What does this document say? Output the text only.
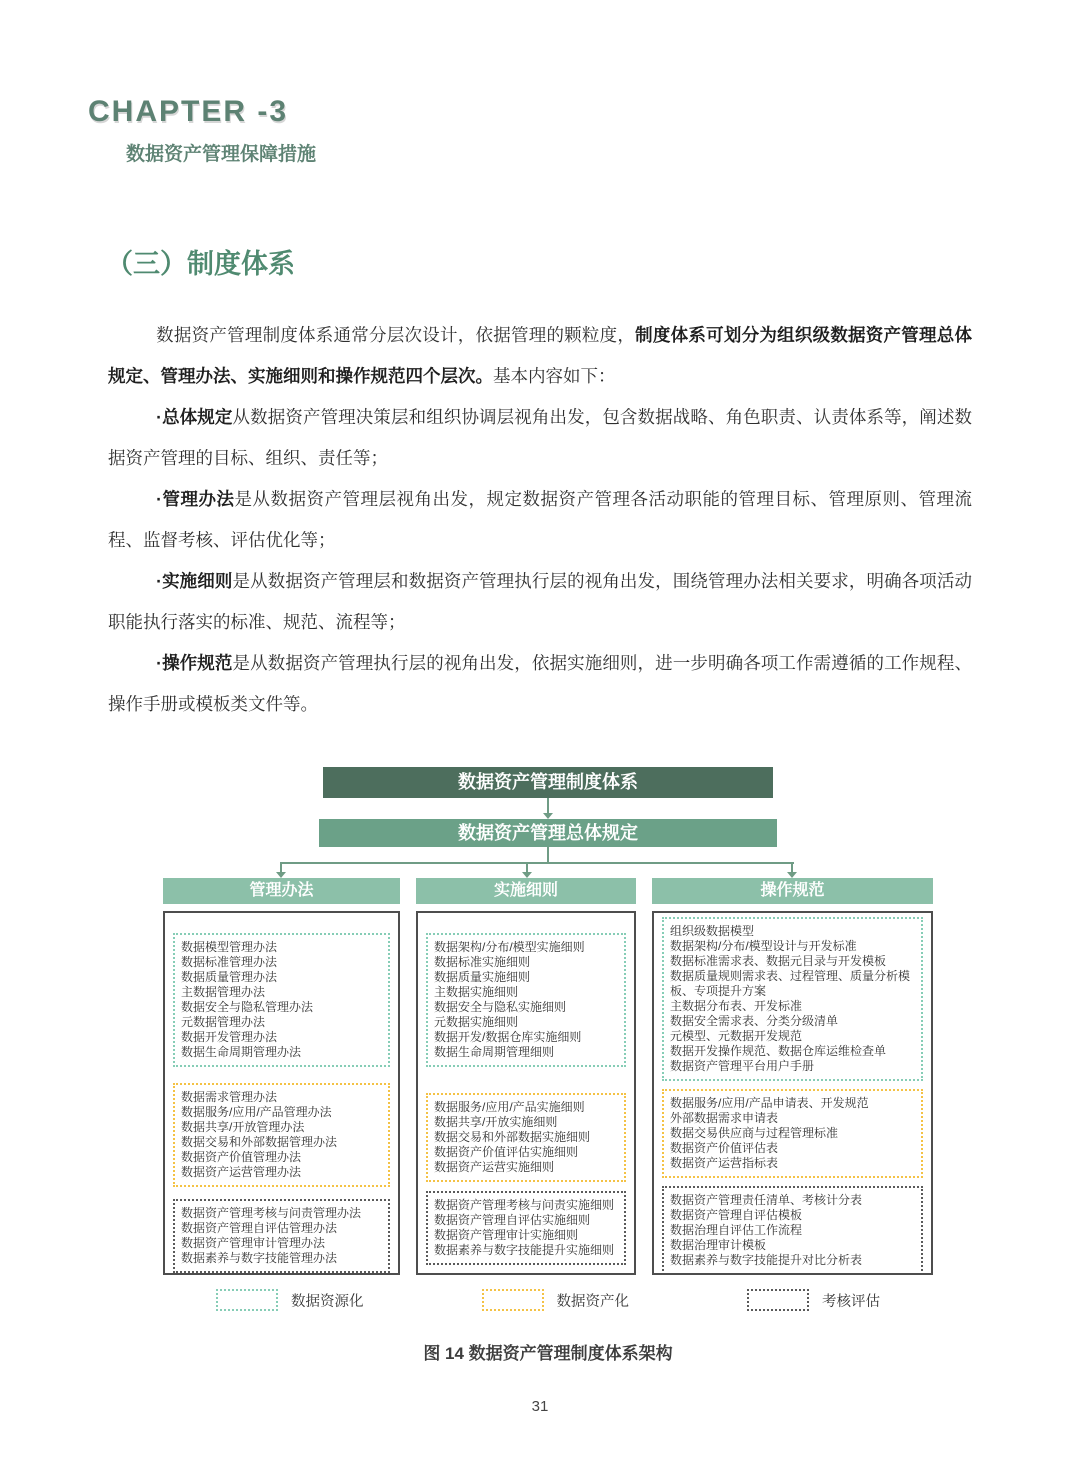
CHAPTER -3
数据资产管理保障措施
（三）制度体系

数据资产管理制度体系通常分层次设计，依据管理的颗粒度，制度体系可划分为组织级数据资产管理总体规定、管理办法、实施细则和操作规范四个层次。基本内容如下：

·总体规定从数据资产管理决策层和组织协调层视角出发，包含数据战略、角色职责、认责体系等，阐述数据资产管理的目标、组织、责任等；

·管理办法是从数据资产管理层视角出发，规定数据资产管理各活动职能的管理目标、管理原则、管理流程、监督考核、评估优化等；

·实施细则是从数据资产管理层和数据资产管理执行层的视角出发，围绕管理办法相关要求，明确各项活动职能执行落实的标准、规范、流程等；

·操作规范是从数据资产管理执行层的视角出发，依据实施细则，进一步明确各项工作需遵循的工作规程、操作手册或模板类文件等。

数据资产管理制度体系
数据资产管理总体规定
管理办法
数据模型管理办法
数据标准管理办法
数据质量管理办法
主数据管理办法
数据安全与隐私管理办法
元数据管理办法
数据开发管理办法
数据生命周期管理办法
数据需求管理办法
数据服务/应用/产品管理办法
数据共享/开放管理办法
数据交易和外部数据管理办法
数据资产价值管理办法
数据资产运营管理办法
数据资产管理考核与问责管理办法
数据资产管理自评估管理办法
数据资产管理审计管理办法
数据素养与数字技能管理办法
实施细则
数据架构/分布/模型实施细则
数据标准实施细则
数据质量实施细则
主数据实施细则
数据安全与隐私实施细则
元数据实施细则
数据开发/数据仓库实施细则
数据生命周期管理细则
数据服务/应用/产品实施细则
数据共享/开放实施细则
数据交易和外部数据实施细则
数据资产价值评估实施细则
数据资产运营实施细则
数据资产管理考核与问责实施细则
数据资产管理自评估实施细则
数据资产管理审计实施细则
数据素养与数字技能提升实施细则
操作规范
组织级数据模型
数据架构/分布/模型设计与开发标准
数据标准需求表、数据元目录与开发模板
数据质量规则需求表、过程管理、质量分析模板、专项提升方案
主数据分布表、开发标准
数据安全需求表、分类分级清单
元模型、元数据开发规范
数据开发操作规范、数据仓库运维检查单
数据资产管理平台用户手册
数据服务/应用/产品申请表、开发规范
外部数据需求申请表
数据交易供应商与过程管理标准
数据资产价值评估表
数据资产运营指标表
数据资产管理责任清单、考核计分表
数据资产管理自评估模板
数据治理自评估工作流程
数据治理审计模板
数据素养与数字技能提升对比分析表
数据资源化	数据资产化	考核评估
图 14 数据资产管理制度体系架构
31
